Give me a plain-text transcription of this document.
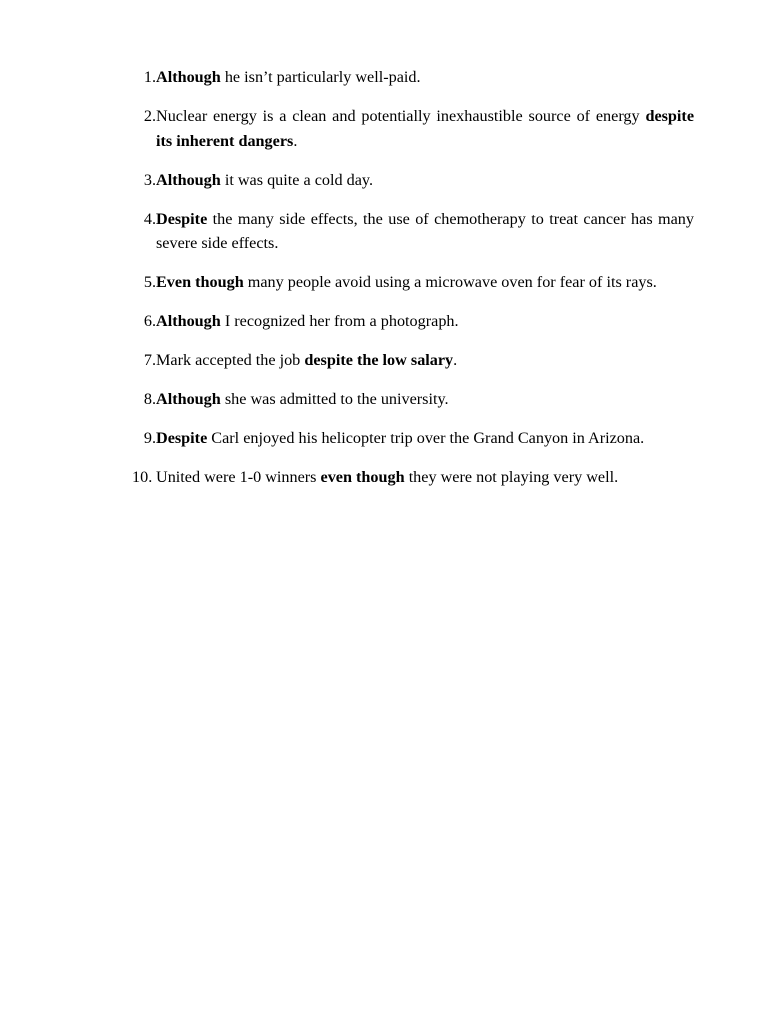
1. Although he isn’t particularly well-paid.
2. Nuclear energy is a clean and potentially inexhaustible source of energy despite its inherent dangers.
3. Although it was quite a cold day.
4. Despite the many side effects, the use of chemotherapy to treat cancer has many severe side effects.
5. Even though many people avoid using a microwave oven for fear of its rays.
6. Although I recognized her from a photograph.
7. Mark accepted the job despite the low salary.
8. Although she was admitted to the university.
9. Despite Carl enjoyed his helicopter trip over the Grand Canyon in Arizona.
10. United were 1-0 winners even though they were not playing very well.
